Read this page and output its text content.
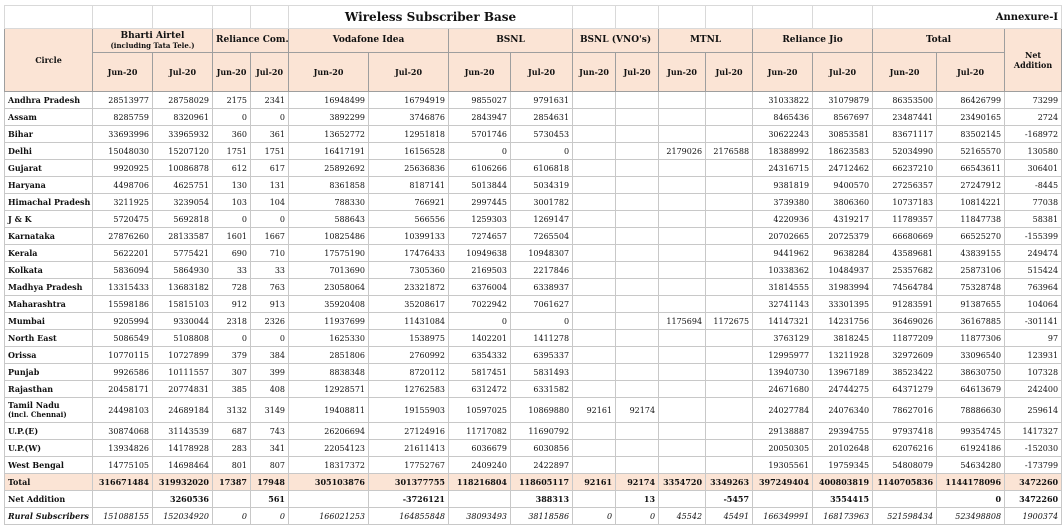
					Wireless Subscriber Base										Annexure-I		
Circle	Bharti Airtel
(including Tata Tele.)		Reliance Com.		Vodafone Idea		BSNL		BSNL (VNO's)		MTNL		Reliance Jio		Total		Net Addition
	Jun-20	Jul-20	Jun-20	Jul-20	Jun-20	Jul-20	Jun-20	Jul-20	Jun-20	Jul-20	Jun-20	Jul-20	Jun-20	Jul-20	Jun-20	Jul-20	
Andhra Pradesh	28513977	28758029	2175	2341	16948499	16794919	9855027	9791631					31033822	31079879	86353500	86426799	73299
Assam	8285759	8320961	0	0	3892299	3746876	2843947	2854631					8465436	8567697	23487441	23490165	2724
Bihar	33693996	33965932	360	361	13652772	12951818	5701746	5730453					30622243	30853581	83671117	83502145	-168972
Delhi	15048030	15207120	1751	1751	16417191	16156528	0	0			2179026	2176588	18388992	18623583	52034990	52165570	130580
Gujarat	9920925	10086878	612	617	25892692	25636836	6106266	6106818					24316715	24712462	66237210	66543611	306401
Haryana	4498706	4625751	130	131	8361858	8187141	5013844	5034319					9381819	9400570	27256357	27247912	-8445
Himachal Pradesh	3211925	3239054	103	104	788330	766921	2997445	3001782					3739380	3806360	10737183	10814221	77038
J & K	5720475	5692818	0	0	588643	566556	1259303	1269147					4220936	4319217	11789357	11847738	58381
Karnataka	27876260	28133587	1601	1667	10825486	10399133	7274657	7265504					20702665	20725379	66680669	66525270	-155399
Kerala	5622201	5775421	690	710	17575190	17476433	10949638	10948307					9441962	9638284	43589681	43839155	249474
Kolkata	5836094	5864930	33	33	7013690	7305360	2169503	2217846					10338362	10484937	25357682	25873106	515424
Madhya Pradesh	13315433	13683182	728	763	23058064	23321872	6376004	6338937					31814555	31983994	74564784	75328748	763964
Maharashtra	15598186	15815103	912	913	35920408	35208617	7022942	7061627					32741143	33301395	91283591	91387655	104064
Mumbai	9205994	9330044	2318	2326	11937699	11431084	0	0			1175694	1172675	14147321	14231756	36469026	36167885	-301141
North East	5086549	5108808	0	0	1625330	1538975	1402201	1411278					3763129	3818245	11877209	11877306	97
Orissa	10770115	10727899	379	384	2851806	2760992	6354332	6395337					12995977	13211928	32972609	33096540	123931
Punjab	9926586	10111557	307	399	8838348	8720112	5817451	5831493					13940730	13967189	38523422	38630750	107328
Rajasthan	20458171	20774831	385	408	12928571	12762583	6312472	6331582					24671680	24744275	64371279	64613679	242400

Tamil Nadu
(incl. Chennai)	24498103	24689184	3132	3149	19408811	19155903	10597025	10869880	92161	92174			24027784	24076340	78627016	78886630	259614
U.P.(E)	30874068	31143539	687	743	26206694	27124916	11717082	11690792					29138887	29394755	97937418	99354745	1417327
U.P.(W)	13934826	14178928	283	341	22054123	21611413	6036679	6030856					20050305	20102648	62076216	61924186	-152030
West Bengal	14775105	14698464	801	807	18317372	17752767	2409240	2422897					19305561	19759345	54808079	54634280	-173799
Total	316671484	319932020	17387	17948	305103876	301377755	118216804	118605117	92161	92174	3354720	3349263	397249404	400803819	1140705836	1144178096	3472260
Net Addition		3260536		561		-3726121		388313		13		-5457		3554415		0	3472260
Rural Subscribers	151088155	152034920	0	0	166021253	164855848	38093493	38118586	0	0	45542	45491	166349991	168173963	521598434	523498808	1900374
